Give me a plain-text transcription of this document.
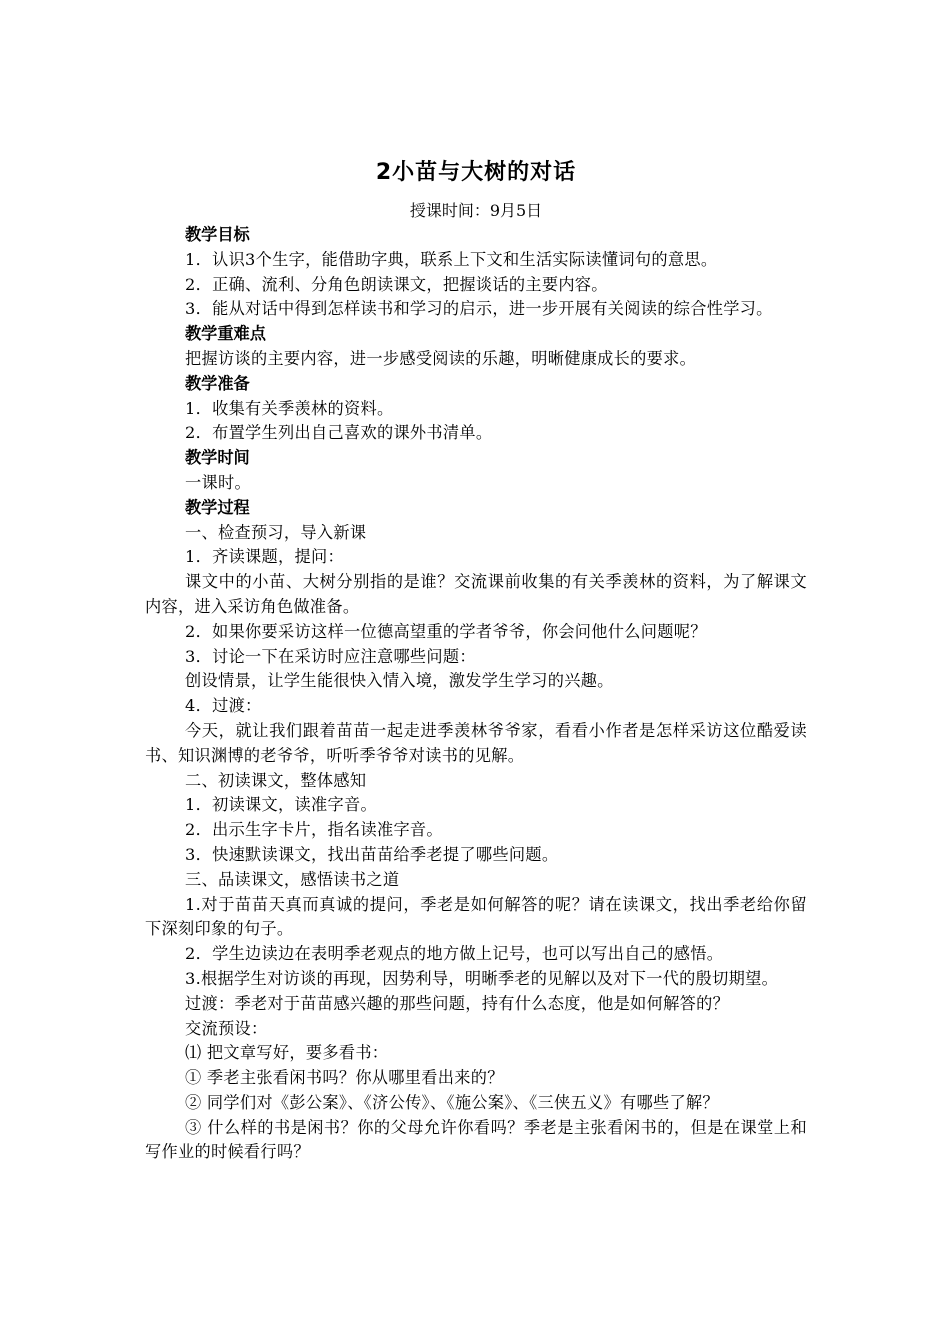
2小苗与大树的对话
授课时间：9月5日

教学目标

1．认识3个生字，能借助字典，联系上下文和生活实际读懂词句的意思。

2．正确、流利、分角色朗读课文，把握谈话的主要内容。

3．能从对话中得到怎样读书和学习的启示，进一步开展有关阅读的综合性学习。

教学重难点

把握访谈的主要内容，进一步感受阅读的乐趣，明晰健康成长的要求。

教学准备

1．收集有关季羡林的资料。

2．布置学生列出自己喜欢的课外书清单。

教学时间

一课时。

教学过程

一、检查预习，导入新课

1．齐读课题，提问：

课文中的小苗、大树分别指的是谁？交流课前收集的有关季羡林的资料，为了解课文内容，进入采访角色做准备。

2．如果你要采访这样一位德高望重的学者爷爷，你会问他什么问题呢？

3．讨论一下在采访时应注意哪些问题：

创设情景，让学生能很快入情入境，激发学生学习的兴趣。

4．过渡：

今天，就让我们跟着苗苗一起走进季羡林爷爷家，看看小作者是怎样采访这位酷爱读书、知识渊博的老爷爷，听听季爷爷对读书的见解。

二、初读课文，整体感知

1．初读课文，读准字音。

2．出示生字卡片，指名读准字音。

3．快速默读课文，找出苗苗给季老提了哪些问题。

三、品读课文，感悟读书之道

1.对于苗苗天真而真诚的提问，季老是如何解答的呢？请在读课文，找出季老给你留下深刻印象的句子。

2．学生边读边在表明季老观点的地方做上记号，也可以写出自己的感悟。

3.根据学生对访谈的再现，因势利导，明晰季老的见解以及对下一代的殷切期望。

过渡：季老对于苗苗感兴趣的那些问题，持有什么态度，他是如何解答的？

交流预设：

⑴ 把文章写好，要多看书：

① 季老主张看闲书吗？你从哪里看出来的？

② 同学们对《彭公案》、《济公传》、《施公案》、《三侠五义》有哪些了解？

③ 什么样的书是闲书？你的父母允许你看吗？季老是主张看闲书的，但是在课堂上和写作业的时候看行吗？
